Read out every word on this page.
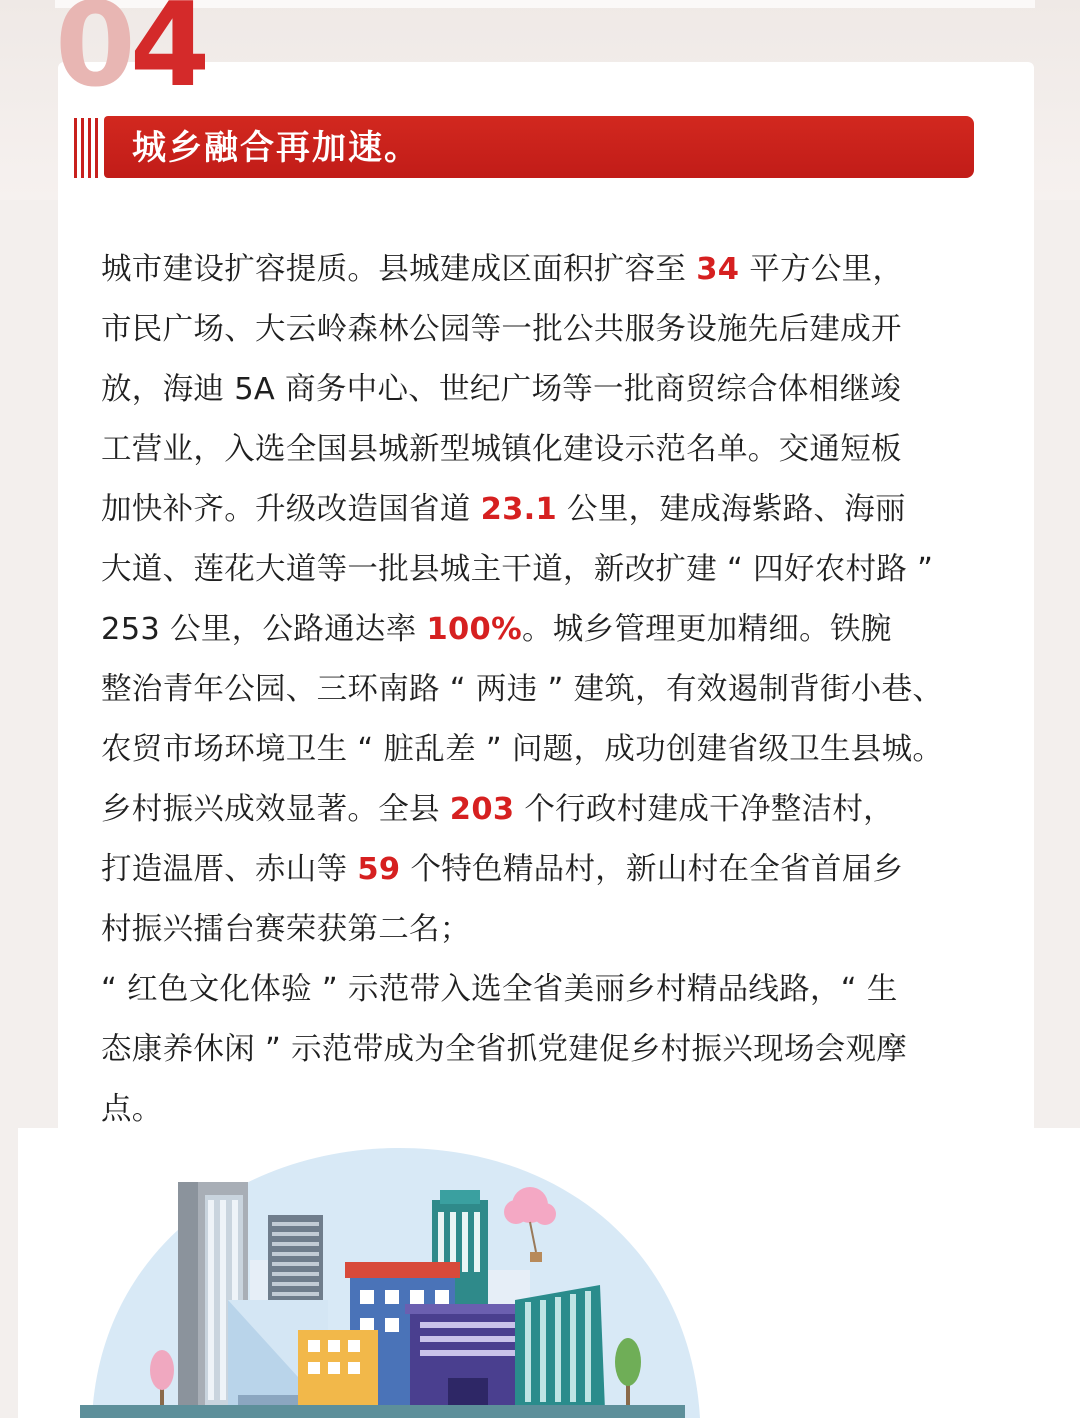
04
城乡融合再加速。
城市建设扩容提质。县城建成区面积扩容至 34 平方公里，
市民广场、大云岭森林公园等一批公共服务设施先后建成开
放，海迪 5A 商务中心、世纪广场等一批商贸综合体相继竣
工营业，入选全国县城新型城镇化建设示范名单。交通短板
加快补齐。升级改造国省道 23.1 公里，建成海紫路、海丽
大道、莲花大道等一批县城主干道，新改扩建 “ 四好农村路 ”
253 公里，公路通达率 100%。城乡管理更加精细。铁腕
整治青年公园、三环南路 “ 两违 ” 建筑，有效遏制背街小巷、
农贸市场环境卫生 “ 脏乱差 ” 问题，成功创建省级卫生县城。
乡村振兴成效显著。全县 203 个行政村建成干净整洁村，
打造温厝、赤山等 59 个特色精品村，新山村在全省首届乡
村振兴擂台赛荣获第二名；
“ 红色文化体验 ” 示范带入选全省美丽乡村精品线路，“ 生
态康养休闲 ” 示范带成为全省抓党建促乡村振兴现场会观摩
点。
